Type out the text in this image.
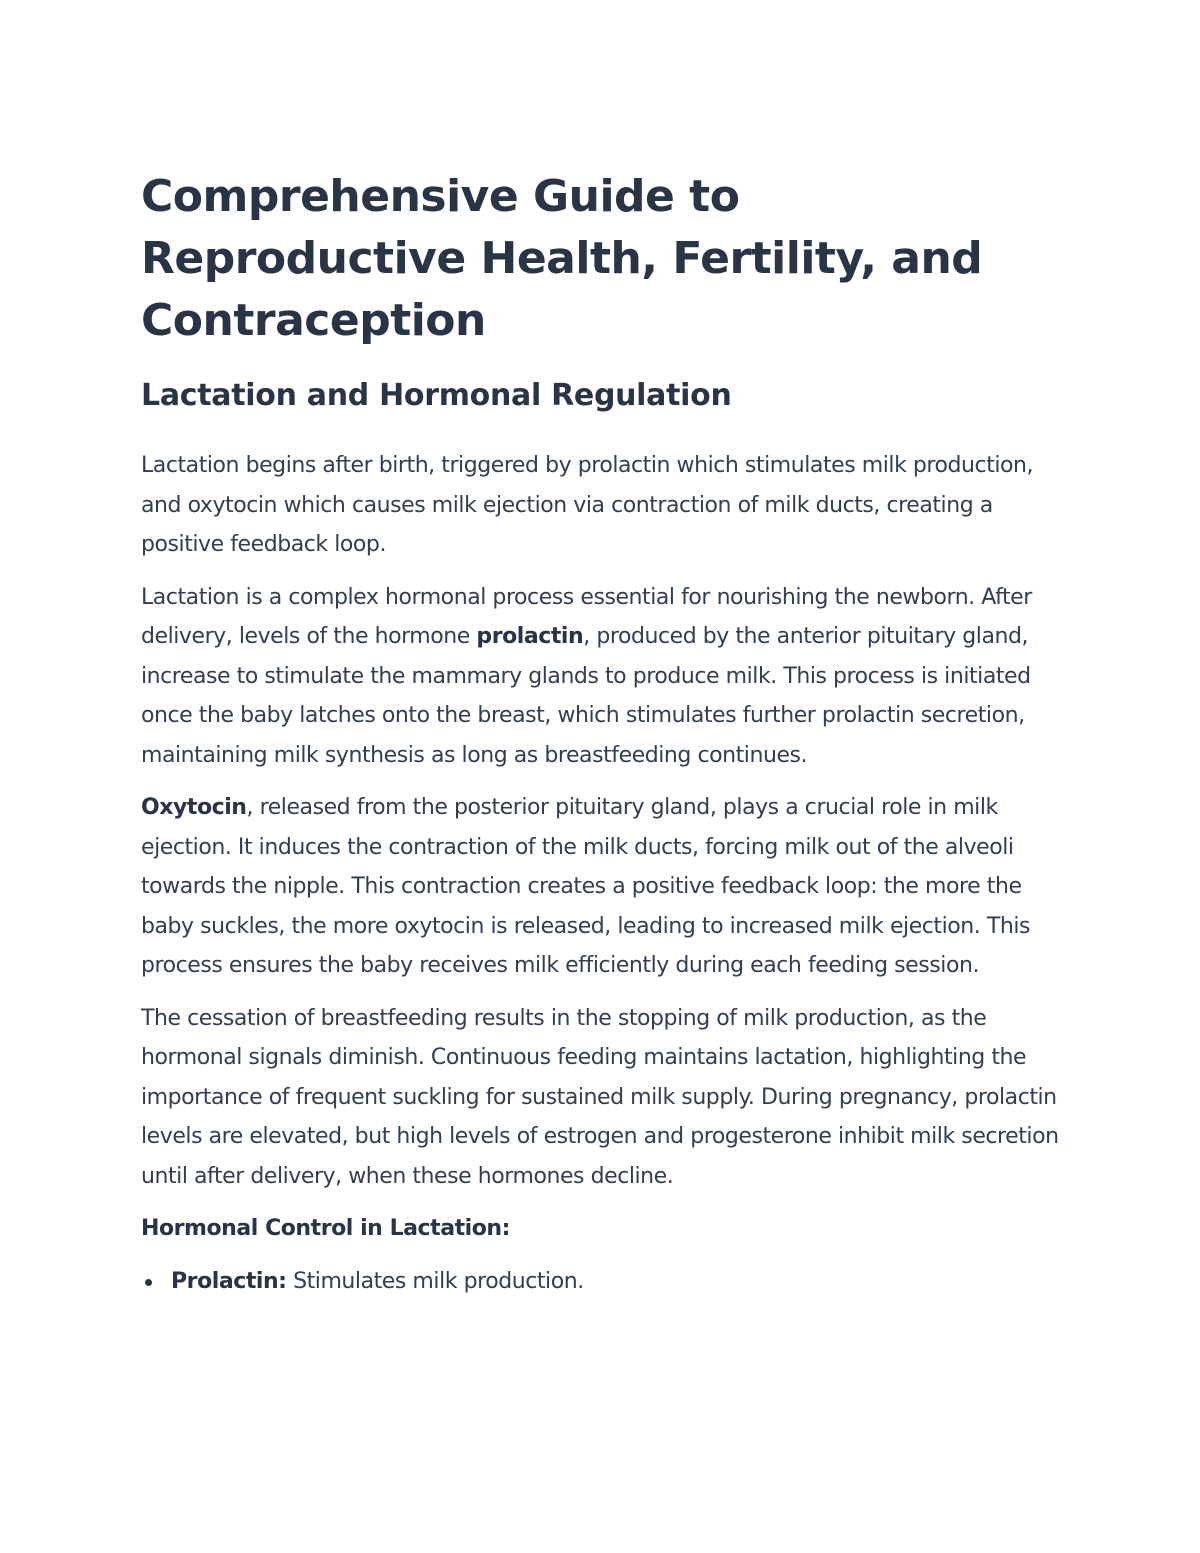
Comprehensive Guide to Reproductive Health, Fertility, and Contraception
Lactation and Hormonal Regulation

Lactation begins after birth, triggered by prolactin which stimulates milk production, and oxytocin which causes milk ejection via contraction of milk ducts, creating a positive feedback loop.

Lactation is a complex hormonal process essential for nourishing the newborn. After delivery, levels of the hormone prolactin, produced by the anterior pituitary gland, increase to stimulate the mammary glands to produce milk. This process is initiated once the baby latches onto the breast, which stimulates further prolactin secretion, maintaining milk synthesis as long as breastfeeding continues.

Oxytocin, released from the posterior pituitary gland, plays a crucial role in milk ejection. It induces the contraction of the milk ducts, forcing milk out of the alveoli towards the nipple. This contraction creates a positive feedback loop: the more the baby suckles, the more oxytocin is released, leading to increased milk ejection. This process ensures the baby receives milk efficiently during each feeding session.

The cessation of breastfeeding results in the stopping of milk production, as the hormonal signals diminish. Continuous feeding maintains lactation, highlighting the importance of frequent suckling for sustained milk supply. During pregnancy, prolactin levels are elevated, but high levels of estrogen and progesterone inhibit milk secretion until after delivery, when these hormones decline.

Hormonal Control in Lactation:
Prolactin: Stimulates milk production.
